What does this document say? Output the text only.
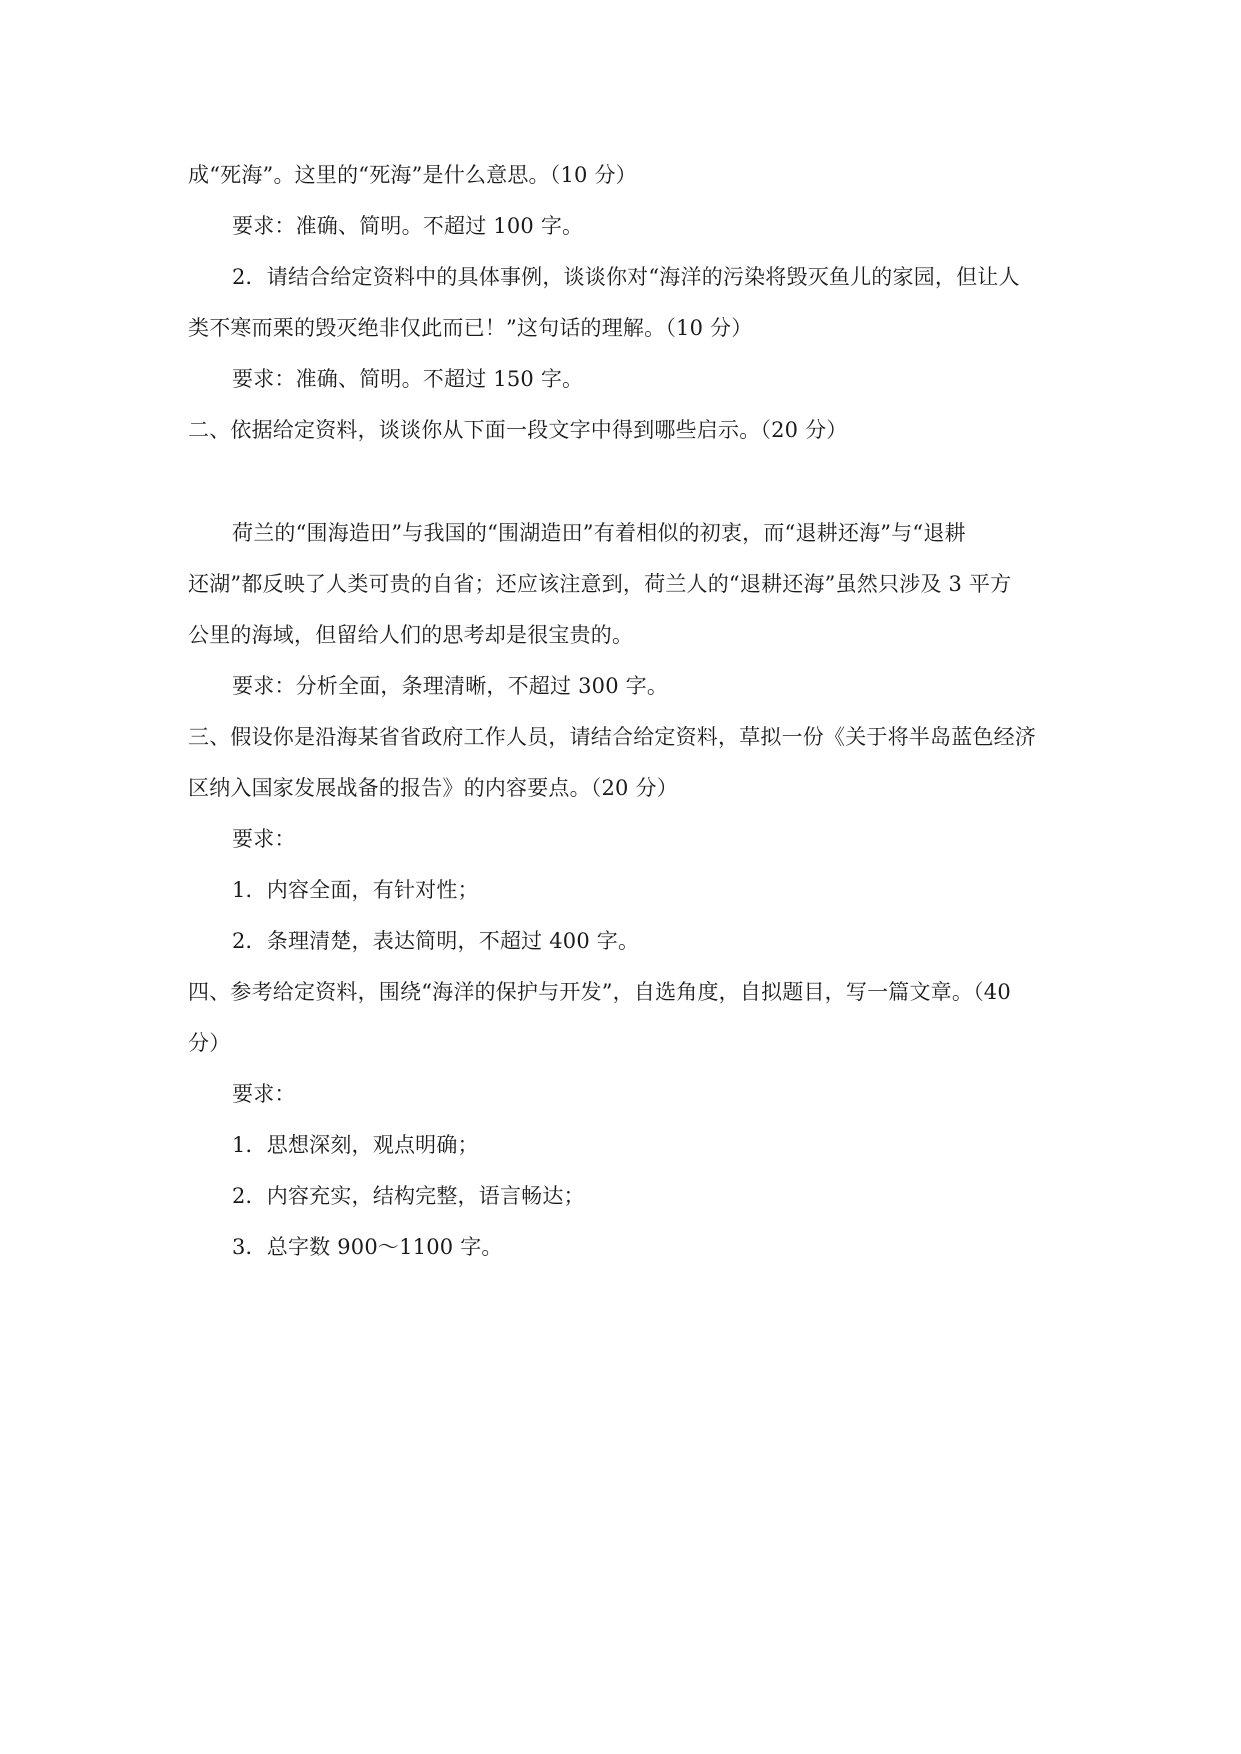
成“死海”。这里的“死海”是什么意思。（10 分）
要求：准确、简明。不超过 100 字。
2．请结合给定资料中的具体事例，谈谈你对“海洋的污染将毁灭鱼儿的家园，但让人
类不寒而栗的毁灭绝非仅此而已！”这句话的理解。（10 分）
要求：准确、简明。不超过 150 字。
二、依据给定资料，谈谈你从下面一段文字中得到哪些启示。（20 分）
荷兰的“围海造田”与我国的“围湖造田”有着相似的初衷，而“退耕还海”与“退耕
还湖”都反映了人类可贵的自省；还应该注意到，荷兰人的“退耕还海”虽然只涉及 3 平方
公里的海域，但留给人们的思考却是很宝贵的。
要求：分析全面，条理清晰，不超过 300 字。
三、假设你是沿海某省省政府工作人员，请结合给定资料，草拟一份《关于将半岛蓝色经济
区纳入国家发展战备的报告》的内容要点。（20 分）
要求：
1．内容全面，有针对性；
2．条理清楚，表达简明，不超过 400 字。
四、参考给定资料，围绕“海洋的保护与开发”，自选角度，自拟题目，写一篇文章。（40
分）
要求：
1．思想深刻，观点明确；
2．内容充实，结构完整，语言畅达；
3．总字数 900～1100 字。
